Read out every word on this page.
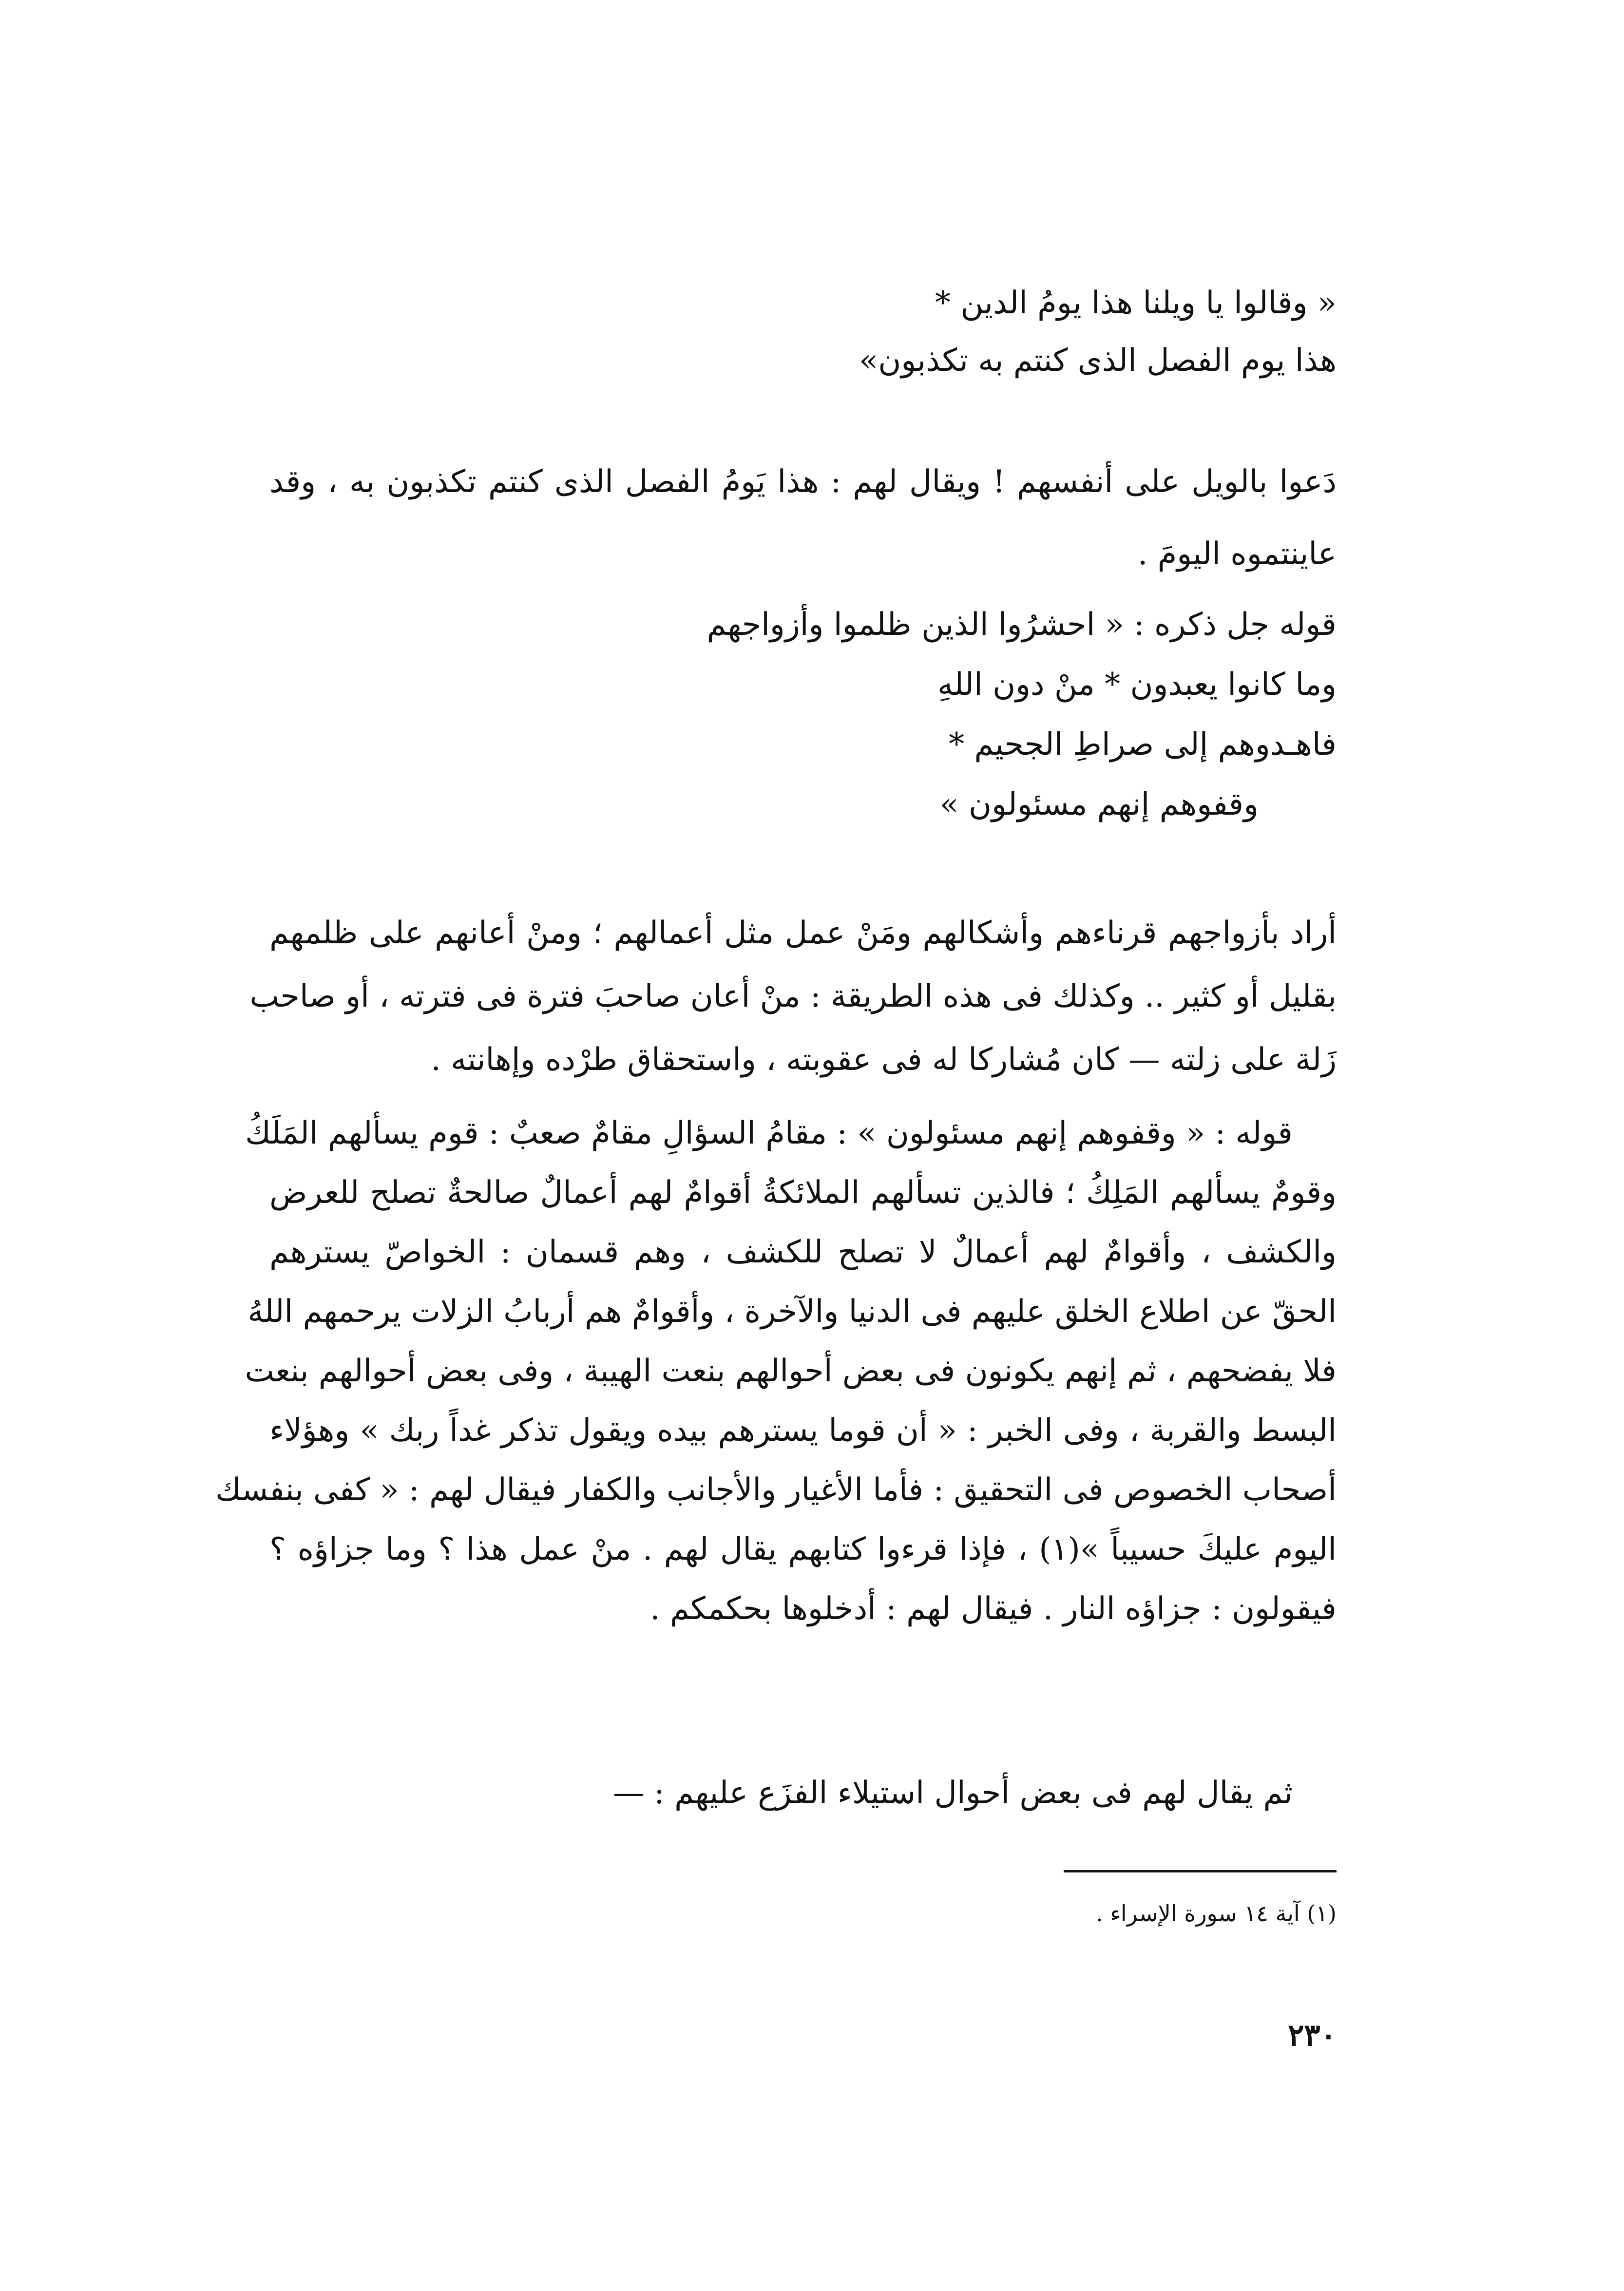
« وقالوا يا ويلنا هذا يومُ الدين *
هذا يوم الفصل الذى كنتم به تكذبون»
دَعوا بالويل على أنفسهم ! ويقال لهم : هذا يَومُ الفصل الذى كنتم تكذبون به ، وقد
عاينتموه اليومَ .
قوله جل ذكره : « احشرُوا الذين ظلموا وأزواجهم
وما كانوا يعبدون * منْ دون اللهِ
فاهـدوهم إلى صراطِ الجحيم *
وقفوهم إنهم مسئولون »
أراد بأزواجهم قرناءهم وأشكالهم ومَنْ عمل مثل أعمالهم ؛ ومنْ أعانهم على ظلمهم
بقليل أو كثير .. وكذلك فى هذه الطريقة : منْ أعان صاحبَ فترة فى فترته ، أو صاحب
زَلة على زلته — كان مُشاركا له فى عقوبته ، واستحقاق طرْده وإهانته .
قوله : « وقفوهم إنهم مسئولون » : مقامُ السؤالِ مقامٌ صعبٌ : قوم يسألهم المَلَكُ
وقومٌ يسألهم المَلِكُ ؛ فالذين تسألهم الملائكةُ أقوامٌ لهم أعمالٌ صالحةٌ تصلح للعرض
والكشف ، وأقوامٌ لهم أعمالٌ لا تصلح للكشف ، وهم قسمان : الخواصّ يسترهم
الحقّ عن اطلاع الخلق عليهم فى الدنيا والآخرة ، وأقوامٌ هم أربابُ الزلات يرحمهم اللهُ
فلا يفضحهم ، ثم إنهم يكونون فى بعض أحوالهم بنعت الهيبة ، وفى بعض أحوالهم بنعت
البسط والقربة ، وفى الخبر : « أن قوما يسترهم بيده ويقول تذكر غداً ربك » وهؤلاء
أصحاب الخصوص فى التحقيق : فأما الأغيار والأجانب والكفار فيقال لهم : « كفى بنفسك
اليوم عليكَ حسيباً »(١) ، فإذا قرءوا كتابهم يقال لهم . منْ عمل هذا ؟ وما جزاؤه ؟
فيقولون : جزاؤه النار . فيقال لهم : أدخلوها بحكمكم .
ثم يقال لهم فى بعض أحوال استيلاء الفزَع عليهم : —
(١) آية ١٤ سورة الإسراء .
٢٣٠
